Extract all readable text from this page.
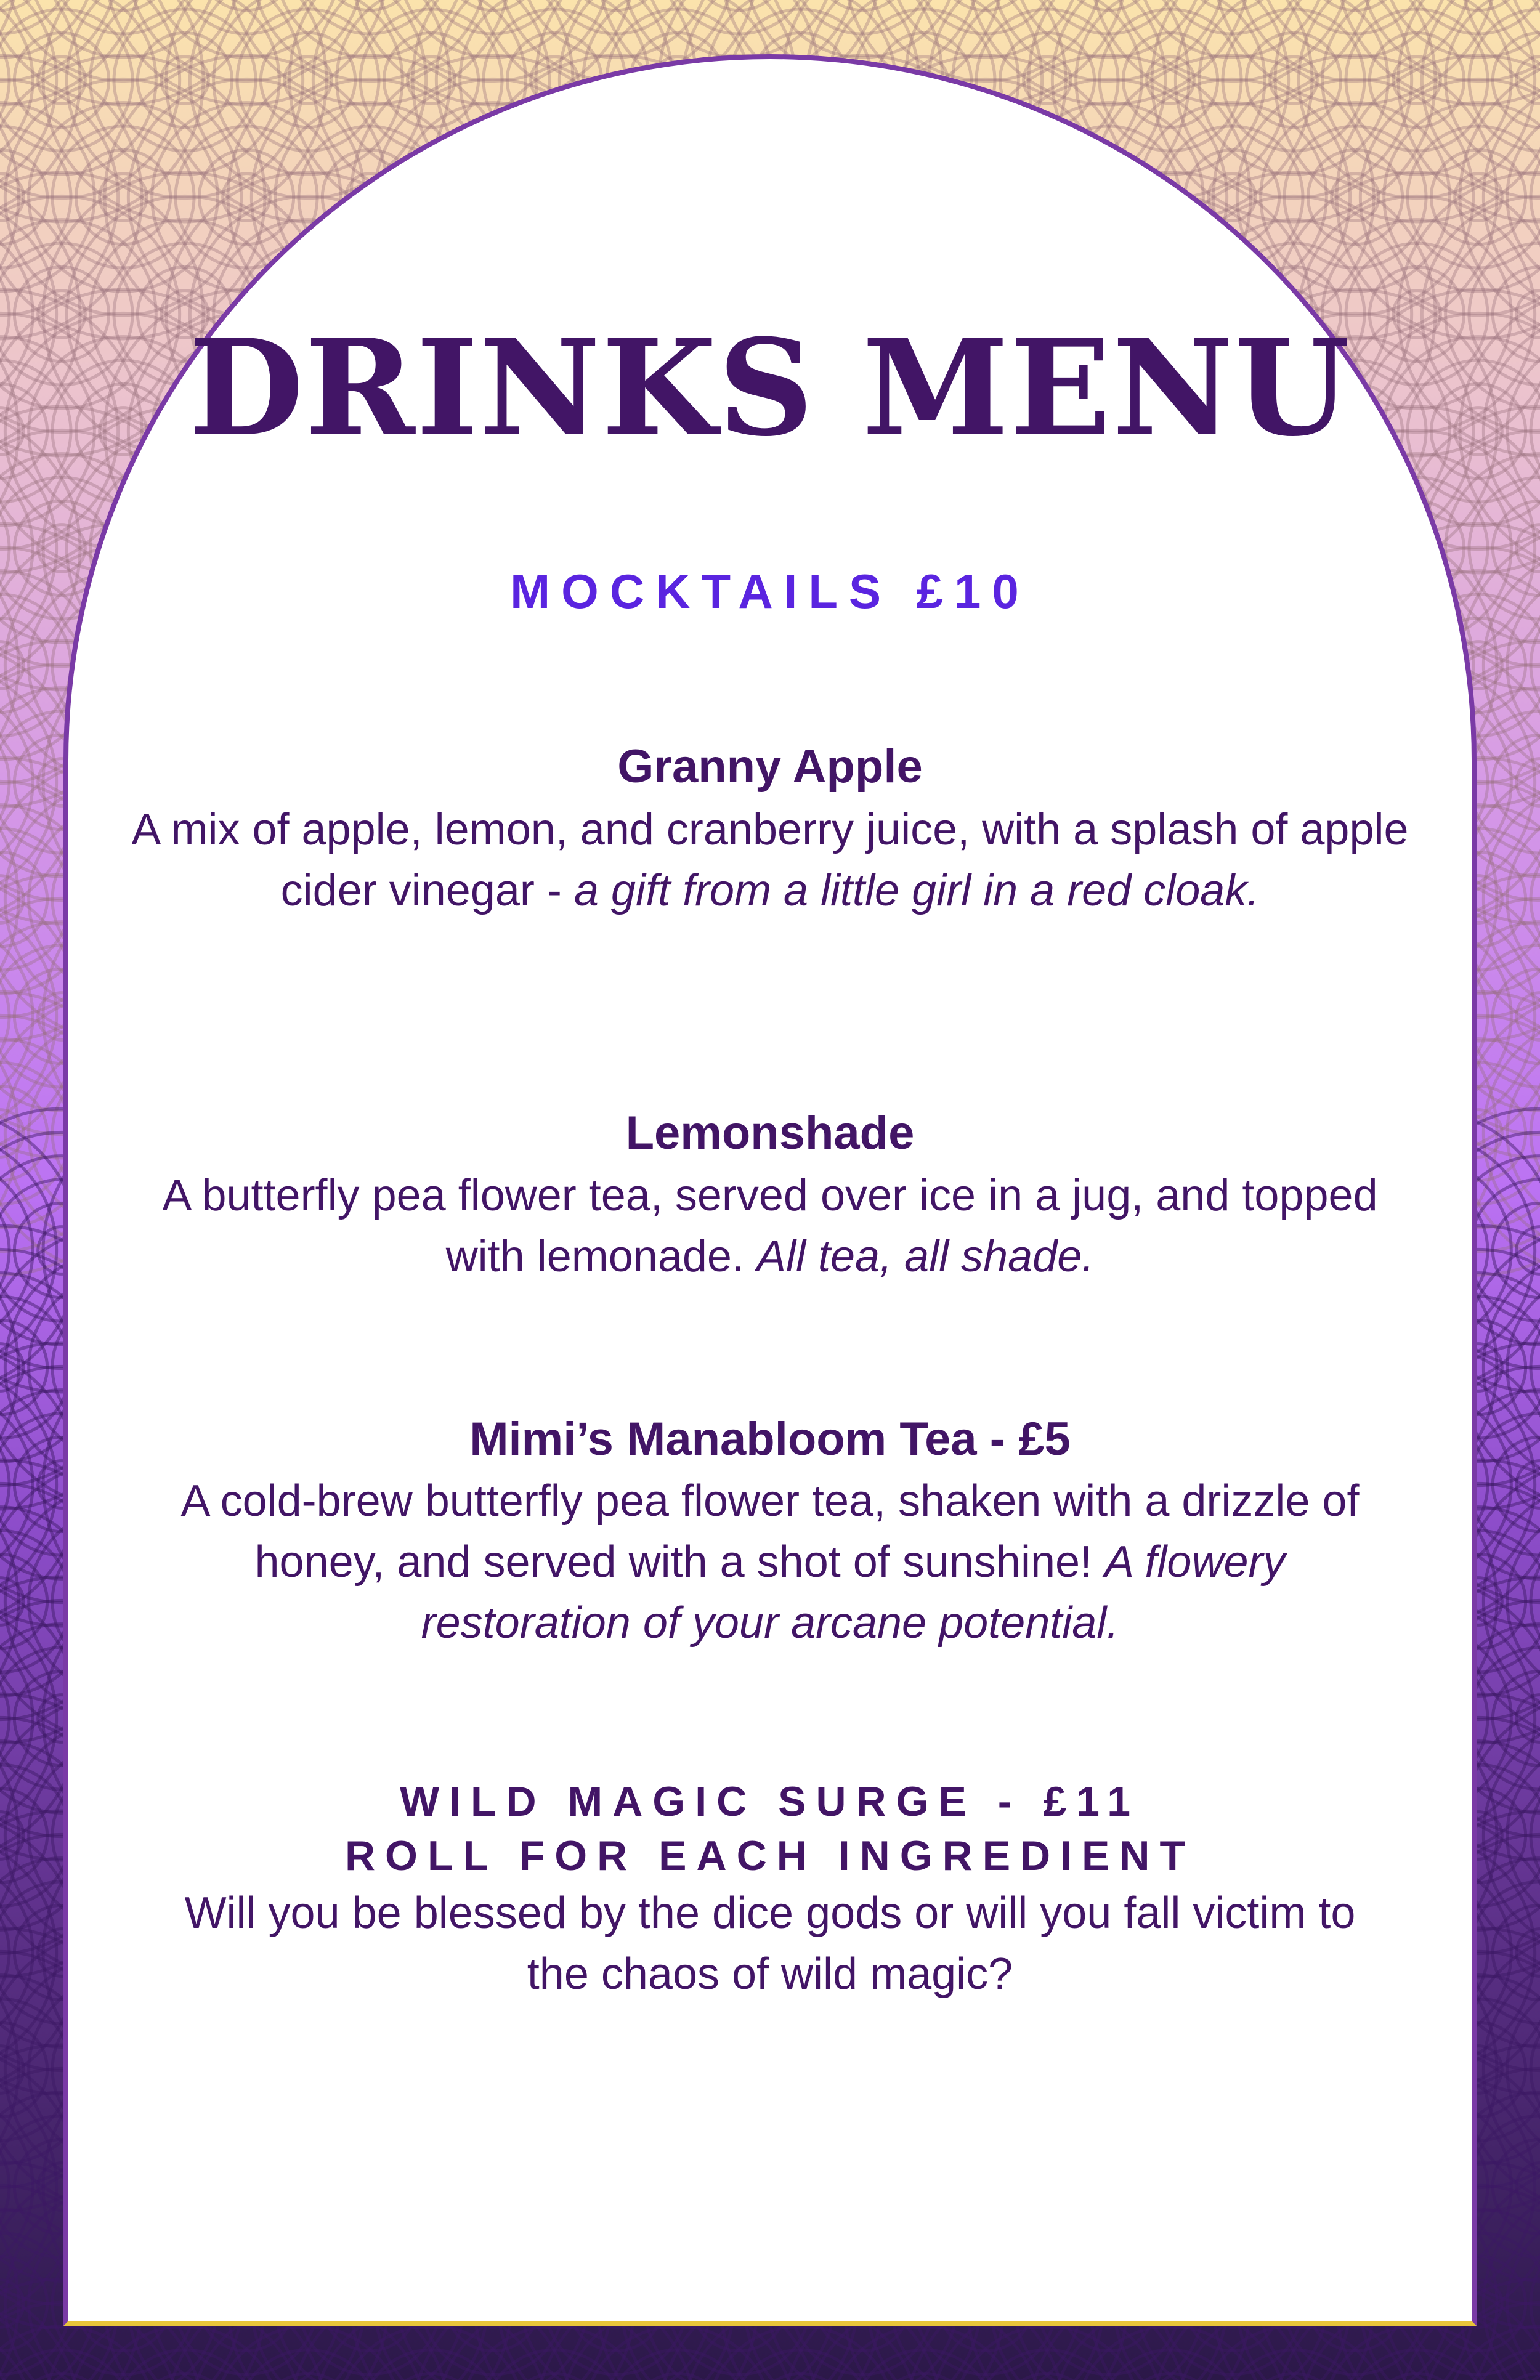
DRINKS MENU
MOCKTAILS £10
Granny Apple
A mix of apple, lemon, and cranberry juice, with a splash of apple cider vinegar - a gift from a little girl in a red cloak.
Lemonshade
A butterfly pea flower tea, served over ice in a jug, and topped with lemonade. All tea, all shade.
Mimi’s Manabloom Tea - £5
A cold-brew butterfly pea flower tea, shaken with a drizzle of honey, and served with a shot of sunshine! A flowery restoration of your arcane potential.
WILD MAGIC SURGE - £11
ROLL FOR EACH INGREDIENT
Will you be blessed by the dice gods or will you fall victim to the chaos of wild magic?
